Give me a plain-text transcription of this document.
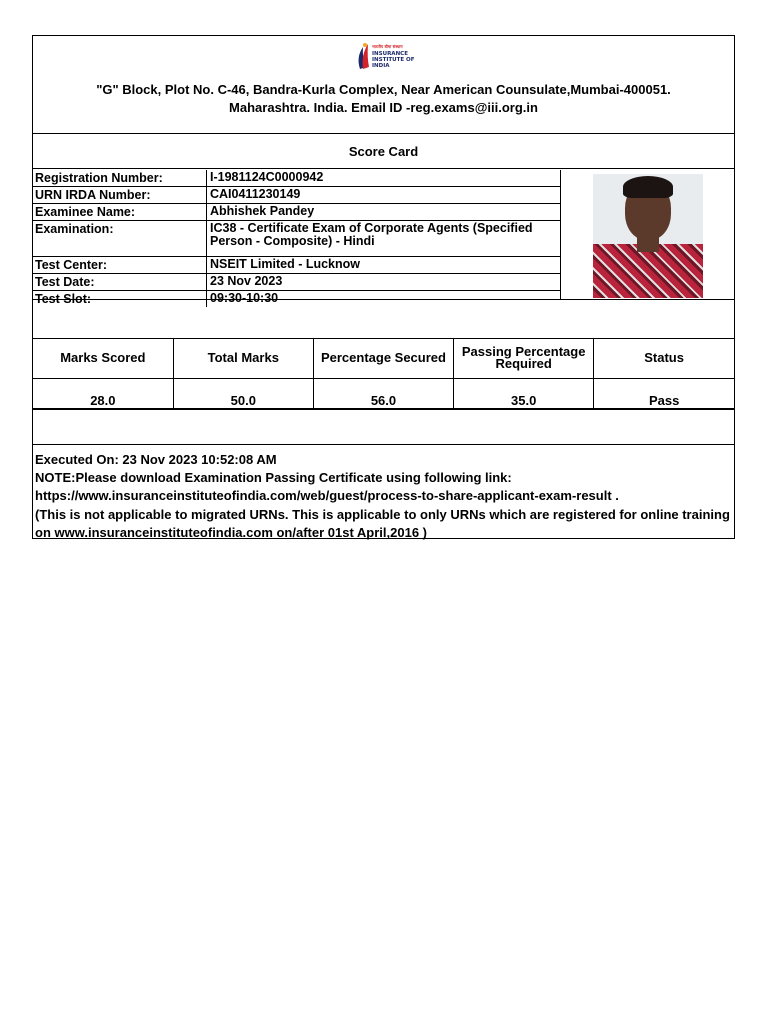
भारतीय बीमा संस्थान
INSURANCE
INSTITUTE OF
INDIA
"G" Block, Plot No. C-46, Bandra-Kurla Complex, Near American Counsulate,Mumbai-400051.
Maharashtra. India. Email ID -reg.exams@iii.org.in
Score Card
Registration Number:	I-1981124C0000942
URN IRDA Number:	CAI0411230149
Examinee Name:	Abhishek Pandey
Examination:	IC38 - Certificate Exam of Corporate Agents (Specified Person - Composite) - Hindi
Test Center:	NSEIT Limited - Lucknow
Test Date:	23 Nov 2023
Test Slot:	09:30-10:30
Marks Scored	Total Marks	Percentage Secured	Passing Percentage Required	Status
28.0	50.0	56.0	35.0	Pass
Executed On: 23 Nov 2023 10:52:08 AM
NOTE:Please download Examination Passing Certificate using following link:
https://www.insuranceinstituteofindia.com/web/guest/process-to-share-applicant-exam-result .
(This is not applicable to migrated URNs. This is applicable to only URNs which are registered for online training on www.insuranceinstituteofindia.com on/after 01st April,2016 )
